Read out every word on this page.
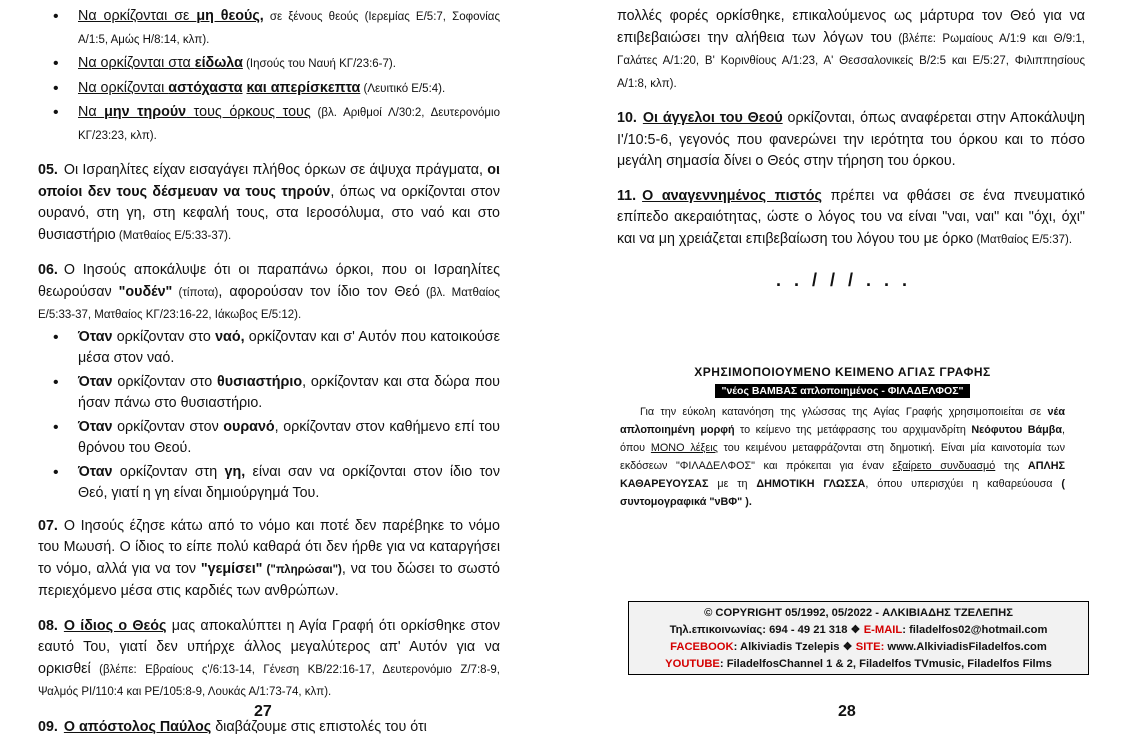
• Να ορκίζονται σε μη θεούς, σε ξένους θεούς (Ιερεμίας Ε/5:7, Σοφονίας Α/1:5, Αμώς Η/8:14, κλπ).
• Να ορκίζονται στα είδωλα (Ιησούς του Ναυή ΚΓ/23:6-7).
• Να ορκίζονται αστόχαστα και απερίσκεπτα (Λευιτικό Ε/5:4).
• Να μην τηρούν τους όρκους τους (βλ. Αριθμοί Λ/30:2, Δευτερονόμιο ΚΓ/23:23, κλπ).

05. Οι Ισραηλίτες είχαν εισαγάγει πλήθος όρκων σε άψυχα πράγματα, οι οποίοι δεν τους δέσμευαν να τους τηρούν, όπως να ορκίζονται στον ουρανό, στη γη, στη κεφαλή τους, στα Ιεροσόλυμα, στο ναό και στο θυσιαστήριο (Ματθαίος Ε/5:33-37).

06. Ο Ιησούς αποκάλυψε ότι οι παραπάνω όρκοι, που οι Ισραηλίτες θεωρούσαν "ουδέν" (τίποτα), αφορούσαν τον ίδιο τον Θεό (βλ. Ματθαίος Ε/5:33-37, Ματθαίος ΚΓ/23:16-22, Ιάκωβος Ε/5:12).

• Όταν ορκίζονταν στο ναό, ορκίζονταν και σ' Αυτόν που κατοικούσε μέσα στον ναό.
• Όταν ορκίζονταν στο θυσιαστήριο, ορκίζονταν και στα δώρα που ήσαν πάνω στο θυσιαστήριο.
• Όταν ορκίζονταν στον ουρανό, ορκίζονταν στον καθήμενο επί του θρόνου του Θεού.
• Όταν ορκίζονταν στη γη, είναι σαν να ορκίζονται στον ίδιο τον Θεό, γιατί η γη είναι δημιούργημά Του.

07. Ο Ιησούς έζησε κάτω από το νόμο και ποτέ δεν παρέβηκε το νόμο του Μωυσή. Ο ίδιος το είπε πολύ καθαρά ότι δεν ήρθε για να καταργήσει το νόμο, αλλά για να τον "γεμίσει" ("πληρώσαι"), να του δώσει το σωστό περιεχόμενο μέσα στις καρδιές των ανθρώπων.

08. Ο ίδιος ο Θεός μας αποκαλύπτει η Αγία Γραφή ότι ορκίσθηκε στον εαυτό Του, γιατί δεν υπήρχε άλλος μεγαλύτερος απ' Αυτόν για να ορκισθεί (βλέπε: Εβραίους ς'/6:13-14, Γένεση ΚΒ/22:16-17, Δευτερονόμιο Ζ/7:8-9, Ψαλμός ΡΙ/110:4 και ΡΕ/105:8-9, Λουκάς Α/1:73-74, κλπ).

09. Ο απόστολος Παύλος διαβάζουμε στις επιστολές του ότι

27

πολλές φορές ορκίσθηκε, επικαλούμενος ως μάρτυρα τον Θεό για να επιβεβαιώσει την αλήθεια των λόγων του (βλέπε: Ρωμαίους Α/1:9 και Θ/9:1, Γαλάτες Α/1:20, Β' Κορινθίους Α/1:23, Α' Θεσσαλονικείς Β/2:5 και Ε/5:27, Φιλιππησίους Α/1:8, κλπ).

10. Οι άγγελοι του Θεού ορκίζονται, όπως αναφέρεται στην Αποκάλυψη Ι'/10:5-6, γεγονός που φανερώνει την ιερότητα του όρκου και το πόσο μεγάλη σημασία δίνει ο Θεός στην τήρηση του όρκου.

11. Ο αναγεννημένος πιστός πρέπει να φθάσει σε ένα πνευματικό επίπεδο ακεραιότητας, ώστε ο λόγος του να είναι "ναι, ναι" και "όχι, όχι" και να μη χρειάζεται επιβεβαίωση του λόγου του με όρκο (Ματθαίος Ε/5:37).

. . / / / . . .
ΧΡΗΣΙΜΟΠΟΙΟΥΜΕΝΟ ΚΕΙΜΕΝΟ ΑΓΙΑΣ ΓΡΑΦΗΣ
"νέος ΒΑΜΒΑΣ απλοποιημένος - ΦΙΛΑΔΕΛΦΟΣ"

Για την εύκολη κατανόηση της γλώσσας της Αγίας Γραφής χρησιμοποιείται σε νέα απλοποιημένη μορφή το κείμενο της μετάφρασης του αρχιμανδρίτη Νεόφυτου Βάμβα, όπου ΜΟΝΟ λέξεις του κειμένου μεταφράζονται στη δημοτική. Είναι μία καινοτομία των εκδόσεων "ΦΙΛΑΔΕΛΦΟΣ" και πρόκειται για έναν εξαίρετο συνδυασμό της ΑΠΛΗΣ ΚΑΘΑΡΕΥΟΥΣΑΣ με τη ΔΗΜΟΤΙΚΗ ΓΛΩΣΣΑ, όπου υπερισχύει η καθαρεύουσα ( συντομογραφικά "νΒΦ" ).

© COPYRIGHT 05/1992, 05/2022 - ΑΛΚΙΒΙΑΔΗΣ ΤΖΕΛΕΠΗΣ
Τηλ.επικοινωνίας: 694 - 49 21 318 ❖ E-MAIL: filadelfos02@hotmail.com
FACEBOOK: Alkiviadis Tzelepis ❖ SITE: www.AlkiviadisFiladelfos.com
YOUTUBE: FiladelfosChannel 1 & 2, Filadelfos TVmusic, Filadelfos Films
28
